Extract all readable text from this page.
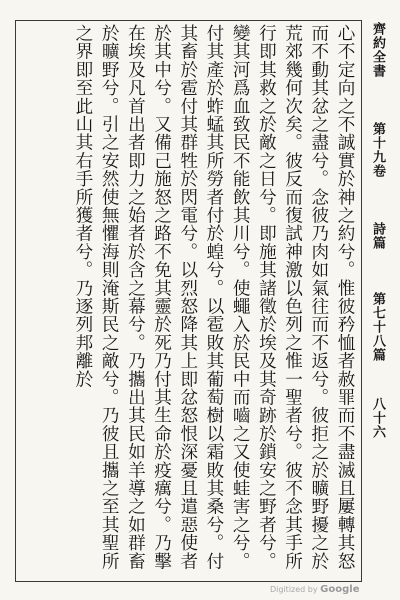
心不定向之不誠實於神之約兮。惟彼矜恤者赦罪而不盡滅且屢轉其怒而不動其忿之盡兮。念彼乃肉如氣往而不返兮。彼拒之於曠野擾之於荒郊幾何次矣。彼反而復試神激以色列之惟一聖者兮。彼不念其手所行即其救之於敵之日兮。即施其諸徵於埃及其奇跡於鎖安之野者兮。變其河爲血致民不能飲其川兮。使蠅入於民中而嚙之又使蛙害之兮。付其產於蚱蜢其所勞者付於蝗兮。以雹敗其葡萄樹以霜敗其桑兮。付其畜於雹付其群牲於閃電兮。以烈怒降其上即忿怒恨深憂且遣惡使者於其中兮。又備己施怒之路不免其靈於死乃付其生命於疫癘兮。乃擊在埃及凡首出者即力之始者於含之幕兮。乃攜出其民如羊導之如群畜於曠野兮。引之安然使無懼海則淹斯民之敵兮。乃彼且攜之至其聖所之界即至此山其右手所獲者兮。乃逐列邦離於	齊約全書
第十九卷
詩篇
第七十八篇
八十六
Digitized by Google
